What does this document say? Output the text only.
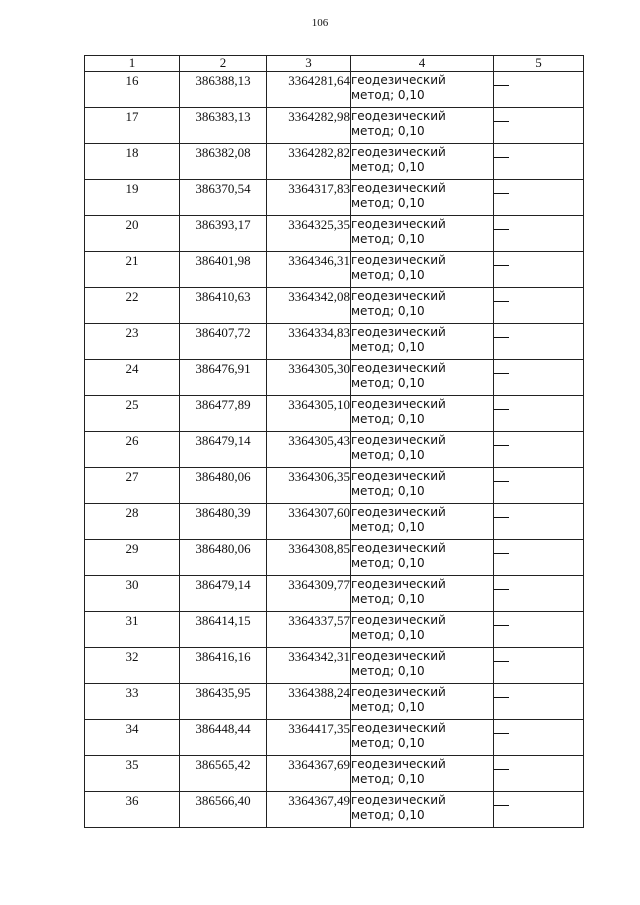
106
1	2	3	4	5
16	386388,13	3364281,64	геодезический
метод; 0,10	

17	386383,13	3364282,98	геодезический
метод; 0,10	

18	386382,08	3364282,82	геодезический
метод; 0,10	

19	386370,54	3364317,83	геодезический
метод; 0,10	

20	386393,17	3364325,35	геодезический
метод; 0,10	

21	386401,98	3364346,31	геодезический
метод; 0,10	

22	386410,63	3364342,08	геодезический
метод; 0,10	

23	386407,72	3364334,83	геодезический
метод; 0,10	

24	386476,91	3364305,30	геодезический
метод; 0,10	

25	386477,89	3364305,10	геодезический
метод; 0,10	

26	386479,14	3364305,43	геодезический
метод; 0,10	

27	386480,06	3364306,35	геодезический
метод; 0,10	

28	386480,39	3364307,60	геодезический
метод; 0,10	

29	386480,06	3364308,85	геодезический
метод; 0,10	

30	386479,14	3364309,77	геодезический
метод; 0,10	

31	386414,15	3364337,57	геодезический
метод; 0,10	

32	386416,16	3364342,31	геодезический
метод; 0,10	

33	386435,95	3364388,24	геодезический
метод; 0,10	

34	386448,44	3364417,35	геодезический
метод; 0,10	

35	386565,42	3364367,69	геодезический
метод; 0,10	

36	386566,40	3364367,49	геодезический
метод; 0,10	
